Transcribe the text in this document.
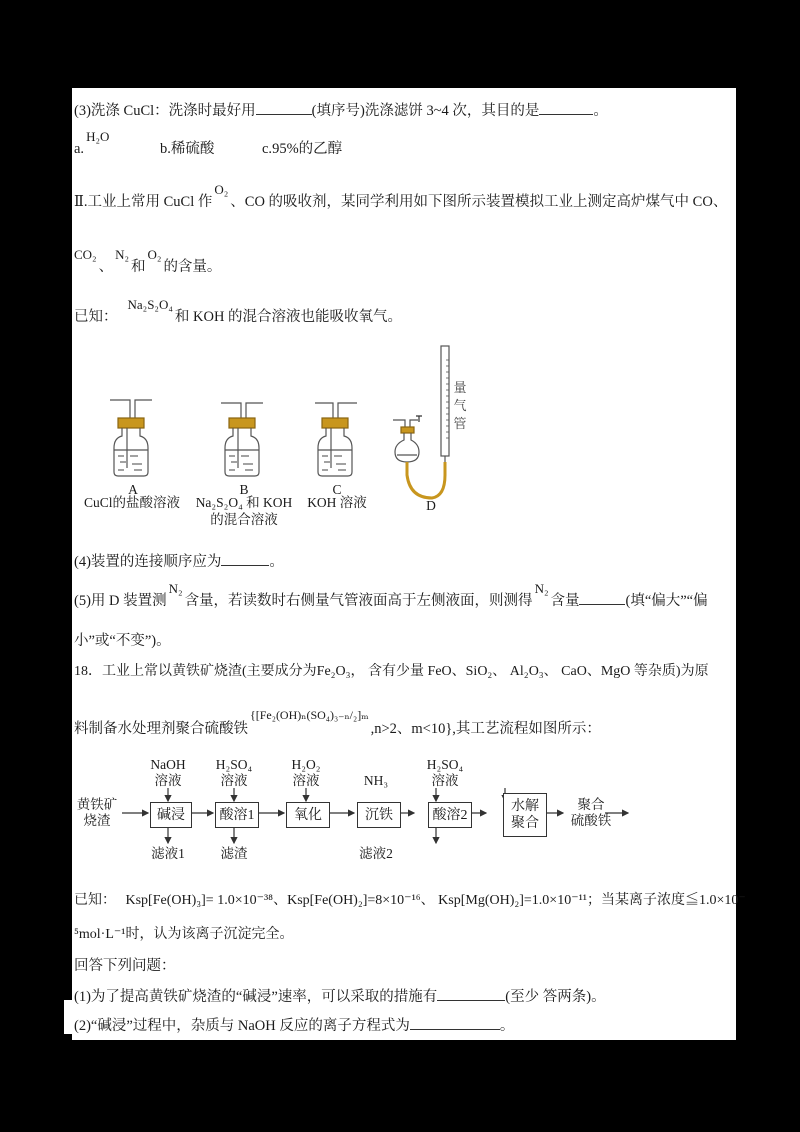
(3)洗涤 CuCl：洗涤时最好用	(填序号)洗涤滤饼 3~4 次，其目的是	。
a.H₂O
b.稀硫酸	c.95%的乙醇
Ⅱ.工业上常用 CuCl 作O₂、CO 的吸收剂，某同学利用如下图所示装置模拟工业上测定高炉煤气中 CO、
CO₂、N₂和O₂的含量。
已知：Na₂S₂O₄和 KOH 的混合溶液也能吸收氧气。
A
CuCl的盐酸溶液
B
Na₂S₂O₄ 和 KOH
的混合溶液
C
KOH 溶液	D
量气管
(4)装置的连接顺序应为	。
(5)用 D 装置测N₂含量，若读数时右侧量气管液面高于左侧液面，则测得N₂含量	(填“偏大”“偏
小”或“不变”)。
18．工业上常以黄铁矿烧渣(主要成分为Fe₂O₃， 含有少量 FeO、SiO₂、 Al₂O₃、 CaO、MgO 等杂质)为原
料制备水处理剂聚合硫酸铁{[Fe₂(OH)ₙ(SO₄)₃₋ₙ/₂]ₘ,n>2、m<10},其工艺流程如图所示：
黄铁矿
烧渣	碱浸	酸溶1	氧化	沉铁	酸溶2
水解
聚合
聚合
硫酸铁
NaOH
溶液
H₂SO₄
溶液
H₂O₂
溶液	NH₃
H₂SO₄
溶液
滤液1	滤渣	滤液2
已知： Ksp[Fe(OH)₃]= 1.0×10⁻³⁸、Ksp[Fe(OH)₂]=8×10⁻¹⁶、 Ksp[Mg(OH)₂]=1.0×10⁻¹¹；当某离子浓度≦1.0×10⁻
⁵mol·L⁻¹时，认为该离子沉淀完全。
回答下列问题：
(1)为了提高黄铁矿烧渣的“碱浸”速率，可以采取的措施有	(至少 答两条)。
(2)“碱浸”过程中，杂质与 NaOH 反应的离子方程式为	。
